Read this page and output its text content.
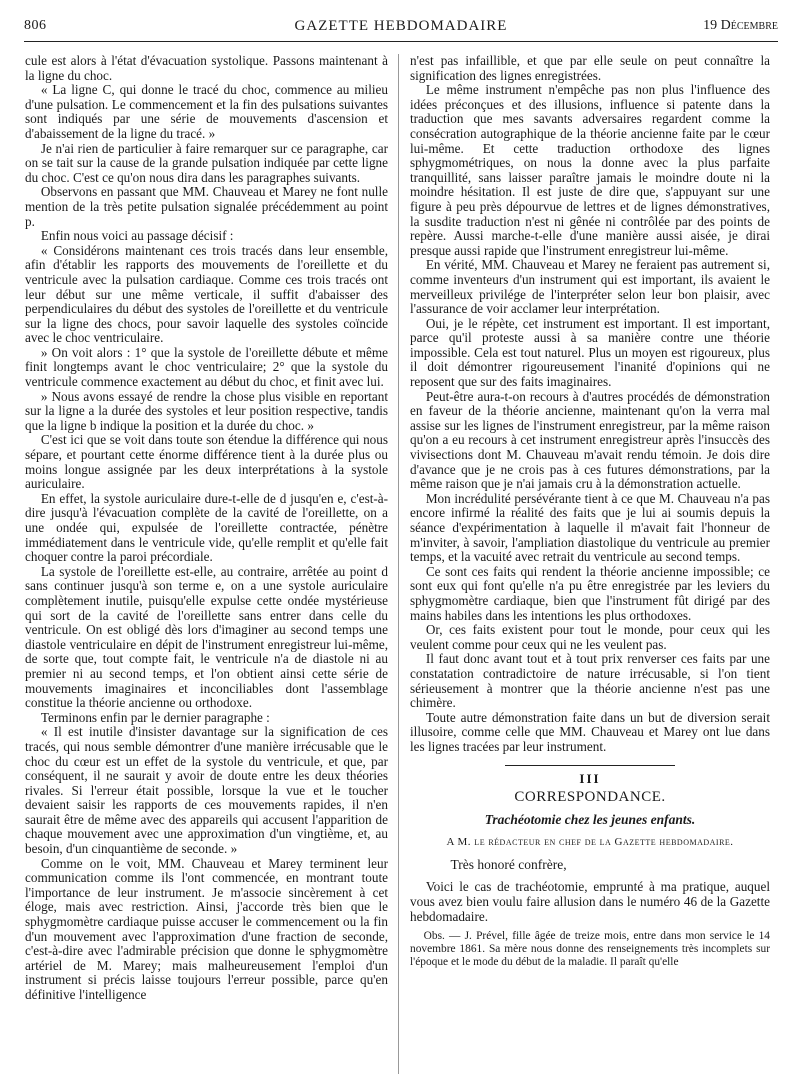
806	GAZETTE HEBDOMADAIRE	19 Décembre

cule est alors à l'état d'évacuation systolique. Passons maintenant à la ligne du choc.

« La ligne C, qui donne le tracé du choc, commence au milieu d'une pulsation. Le commencement et la fin des pulsations suivantes sont indiqués par une série de mouvements d'ascension et d'abaissement de la ligne du tracé. »

Je n'ai rien de particulier à faire remarquer sur ce paragraphe, car on se tait sur la cause de la grande pulsation indiquée par cette ligne du choc. C'est ce qu'on nous dira dans les paragraphes suivants.

Observons en passant que MM. Chauveau et Marey ne font nulle mention de la très petite pulsation signalée précédemment au point p.

Enfin nous voici au passage décisif :

« Considérons maintenant ces trois tracés dans leur ensemble, afin d'établir les rapports des mouvements de l'oreillette et du ventricule avec la pulsation cardiaque. Comme ces trois tracés ont leur début sur une même verticale, il suffit d'abaisser des perpendiculaires du début des systoles de l'oreillette et du ventricule sur la ligne des chocs, pour savoir laquelle des systoles coïncide avec le choc ventriculaire.

» On voit alors : 1° que la systole de l'oreillette débute et même finit longtemps avant le choc ventriculaire; 2° que la systole du ventricule commence exactement au début du choc, et finit avec lui.

» Nous avons essayé de rendre la chose plus visible en reportant sur la ligne a la durée des systoles et leur position respective, tandis que la ligne b indique la position et la durée du choc. »

C'est ici que se voit dans toute son étendue la différence qui nous sépare, et pourtant cette énorme différence tient à la durée plus ou moins longue assignée par les deux interprétations à la systole auriculaire.

En effet, la systole auriculaire dure-t-elle de d jusqu'en e, c'est-à-dire jusqu'à l'évacuation complète de la cavité de l'oreillette, on a une ondée qui, expulsée de l'oreillette contractée, pénètre immédiatement dans le ventricule vide, qu'elle remplit et qu'elle fait choquer contre la paroi précordiale.

La systole de l'oreillette est-elle, au contraire, arrêtée au point d sans continuer jusqu'à son terme e, on a une systole auriculaire complètement inutile, puisqu'elle expulse cette ondée mystérieuse qui sort de la cavité de l'oreillette sans entrer dans celle du ventricule. On est obligé dès lors d'imaginer au second temps une diastole ventriculaire en dépit de l'instrument enregistreur lui-même, de sorte que, tout compte fait, le ventricule n'a de diastole ni au premier ni au second temps, et l'on obtient ainsi cette série de mouvements imaginaires et inconciliables dont l'assemblage constitue la théorie ancienne ou orthodoxe.

Terminons enfin par le dernier paragraphe :

« Il est inutile d'insister davantage sur la signification de ces tracés, qui nous semble démontrer d'une manière irrécusable que le choc du cœur est un effet de la systole du ventricule, et que, par conséquent, il ne saurait y avoir de doute entre les deux théories rivales. Si l'erreur était possible, lorsque la vue et le toucher devaient saisir les rapports de ces mouvements rapides, il n'en saurait être de même avec des appareils qui accusent l'apparition de chaque mouvement avec une approximation d'un vingtième, et, au besoin, d'un cinquantième de seconde. »

Comme on le voit, MM. Chauveau et Marey terminent leur communication comme ils l'ont commencée, en montrant toute l'importance de leur instrument. Je m'associe sincèrement à cet éloge, mais avec restriction. Ainsi, j'accorde très bien que le sphygmomètre cardiaque puisse accuser le commencement ou la fin d'un mouvement avec l'approximation d'une fraction de seconde, c'est-à-dire avec l'admirable précision que donne le sphygmomètre artériel de M. Marey; mais malheureusement l'emploi d'un instrument si précis laisse toujours l'erreur possible, parce qu'en définitive l'intelligence

n'est pas infaillible, et que par elle seule on peut connaître la signification des lignes enregistrées.

Le même instrument n'empêche pas non plus l'influence des idées préconçues et des illusions, influence si patente dans la traduction que mes savants adversaires regardent comme la consécration autographique de la théorie ancienne faite par le cœur lui-même. Et cette traduction orthodoxe des lignes sphygmométriques, on nous la donne avec la plus parfaite tranquillité, sans laisser paraître jamais le moindre doute ni la moindre hésitation. Il est juste de dire que, s'appuyant sur une figure à peu près dépourvue de lettres et de lignes démonstratives, la susdite traduction n'est ni gênée ni contrôlée par des points de repère. Aussi marche-t-elle d'une manière aussi aisée, je dirai presque aussi rapide que l'instrument enregistreur lui-même.

En vérité, MM. Chauveau et Marey ne feraient pas autrement si, comme inventeurs d'un instrument qui est important, ils avaient le merveilleux privilége de l'interpréter selon leur bon plaisir, avec l'assurance de voir acclamer leur interprétation.

Oui, je le répète, cet instrument est important. Il est important, parce qu'il proteste aussi à sa manière contre une théorie impossible. Cela est tout naturel. Plus un moyen est rigoureux, plus il doit démontrer rigoureusement l'inanité d'opinions qui ne reposent que sur des faits imaginaires.

Peut-être aura-t-on recours à d'autres procédés de démonstration en faveur de la théorie ancienne, maintenant qu'on la verra mal assise sur les lignes de l'instrument enregistreur, par la même raison qu'on a eu recours à cet instrument enregistreur après l'insuccès des vivisections dont M. Chauveau m'avait rendu témoin. Je dois dire d'avance que je ne crois pas à ces futures démonstrations, par la même raison que je n'ai jamais cru à la démonstration actuelle.

Mon incrédulité persévérante tient à ce que M. Chauveau n'a pas encore infirmé la réalité des faits que je lui ai soumis depuis la séance d'expérimentation à laquelle il m'avait fait l'honneur de m'inviter, à savoir, l'ampliation diastolique du ventricule au premier temps, et la vacuité avec retrait du ventricule au second temps.

Ce sont ces faits qui rendent la théorie ancienne impossible; ce sont eux qui font qu'elle n'a pu être enregistrée par les leviers du sphygmomètre cardiaque, bien que l'instrument fût dirigé par des mains habiles dans les intentions les plus orthodoxes.

Or, ces faits existent pour tout le monde, pour ceux qui les veulent comme pour ceux qui ne les veulent pas.

Il faut donc avant tout et à tout prix renverser ces faits par une constatation contradictoire de nature irrécusable, si l'on tient sérieusement à montrer que la théorie ancienne n'est pas une chimère.

Toute autre démonstration faite dans un but de diversion serait illusoire, comme celle que MM. Chauveau et Marey ont lue dans les lignes tracées par leur instrument.

III
CORRESPONDANCE.
Trachéotomie chez les jeunes enfants.
A M. le rédacteur en chef de la Gazette hebdomadaire.
Très honoré confrère,

Voici le cas de trachéotomie, emprunté à ma pratique, auquel vous avez bien voulu faire allusion dans le numéro 46 de la Gazette hebdomadaire.

Obs. — J. Prével, fille âgée de treize mois, entre dans mon service le 14 novembre 1861. Sa mère nous donne des renseignements très incomplets sur l'époque et le mode du début de la maladie. Il paraît qu'elle
